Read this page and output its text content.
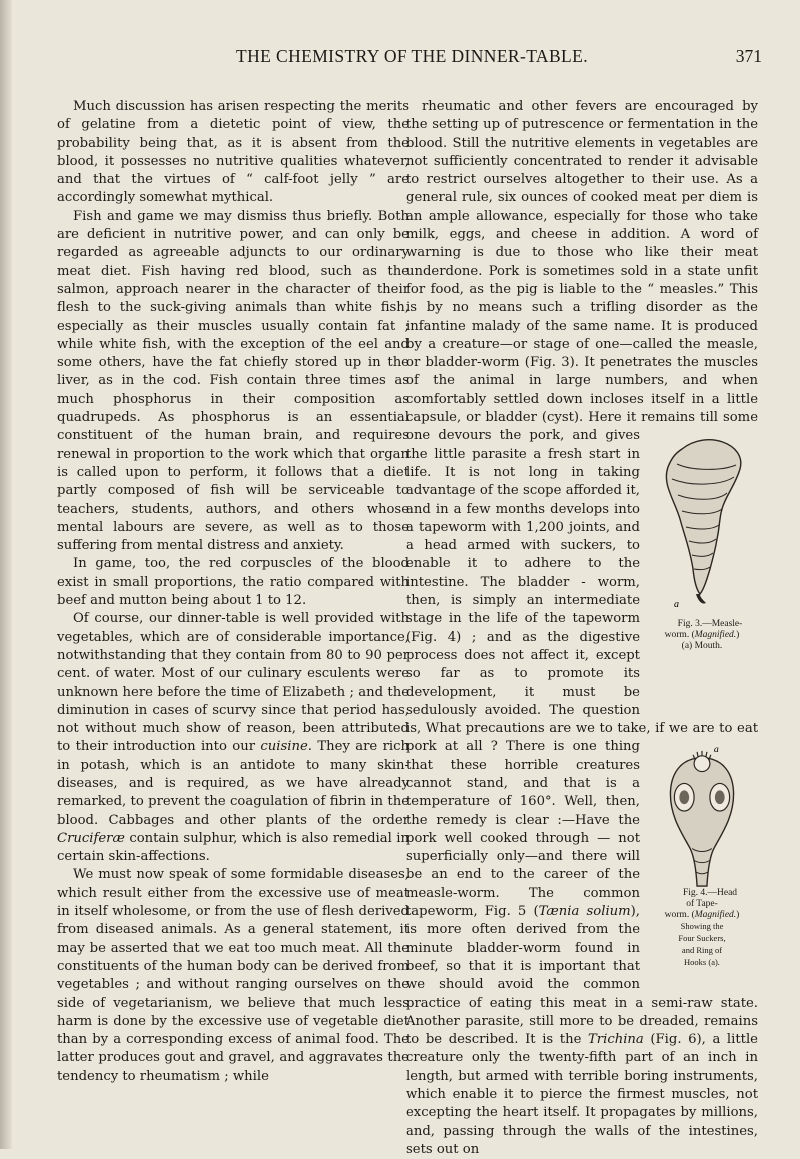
THE CHEMISTRY OF THE DINNER-TABLE.	371

Much discussion has arisen respecting the merits of gelatine from a dietetic point of view, the probability being that, as it is absent from the blood, it possesses no nutritive qualities whatever, and that the virtues of “ calf-foot jelly ” are accordingly somewhat mythical.

Fish and game we may dismiss thus briefly. Both are deficient in nutritive power, and can only be regarded as agreeable adjuncts to our ordinary meat diet. Fish having red blood, such as the salmon, approach nearer in the character of their flesh to the suck-giving animals than white fish, especially as their muscles usually contain fat ; while white fish, with the exception of the eel and some others, have the fat chiefly stored up in the liver, as in the cod. Fish contain three times as much phosphorus in their composition as quadrupeds. As phosphorus is an essential constituent of the human brain, and requires renewal in proportion to the work which that organ is called upon to perform, it follows that a diet partly composed of fish will be serviceable to teachers, students, authors, and others whose mental labours are severe, as well as to those suffering from mental distress and anxiety.

In game, too, the red corpuscles of the blood exist in small proportions, the ratio compared with beef and mutton being about 1 to 12.

Of course, our dinner-table is well provided with vegetables, which are of considerable importance, notwithstanding that they contain from 80 to 90 per cent. of water. Most of our culinary esculents were unknown here before the time of Elizabeth ; and the diminution in cases of scurvy since that period has, not without much show of reason, been attributed to their introduction into our cuisine. They are rich in potash, which is an antidote to many skin-diseases, and is required, as we have already remarked, to prevent the coagulation of fibrin in the blood. Cabbages and other plants of the order Cruciferæ contain sulphur, which is also remedial in certain skin-affections.

We must now speak of some formidable diseases, which result either from the excessive use of meat in itself wholesome, or from the use of flesh derived from diseased animals. As a general statement, it may be asserted that we eat too much meat. All the constituents of the human body can be derived from vegetables ; and without ranging ourselves on the side of vegetarianism, we believe that much less harm is done by the excessive use of vegetable diet than by a corresponding excess of animal food. The latter produces gout and gravel, and aggravates the tendency to rheumatism ; while

rheumatic and other fevers are encouraged by the setting up of putrescence or fermentation in the blood. Still the nutritive elements in vegetables are not sufficiently concentrated to render it advisable to restrict ourselves altogether to their use. As a general rule, six ounces of cooked meat per diem is an ample allowance, especially for those who take milk, eggs, and cheese in addition. A word of warning is due to those who like their meat underdone. Pork is sometimes sold in a state unfit for food, as the pig is liable to the “ measles.” This is by no means such a trifling disorder as the infantine malady of the same name. It is produced by a creature—or stage of one—called the measle, or bladder-worm (Fig. 3). It penetrates the muscles of the animal in large numbers, and when comfortably settled down incloses itself in a little capsule, or bladder (cyst). Here it remains
a
Fig. 3.—Measle-
worm. (Magnified.)
(a) Mouth.
till some one devours the pork, and gives the little parasite a fresh start in life. It is not long in taking advantage of the scope afforded it, and in a few months develops into a tapeworm with 1,200 joints, and a head armed with suckers, to enable it to adhere to the intestine. The bladder - worm, then, is simply an intermediate stage in the life of the tapeworm (Fig. 4) ; and as the digestive process does not affect it, except so far as to promote its development, it must be sedulously avoided. The question is, What precautions are we to take, if we
a
Fig. 4.—Head
of Tape-
worm. (Magnified.)
Showing the
Four Suckers,
and Ring of
Hooks (a).
are to eat pork at all ? There is one thing that these horrible creatures cannot stand, and that is a temperature of 160°. Well, then, the remedy is clear :—Have the pork well cooked through — not superficially only—and there will be an end to the career of the measle-worm. The common tapeworm, Fig. 5 (Tænia solium), is more often derived from the minute bladder-worm found in beef, so that it is important that we should avoid the common practice of eating this meat in a semi-raw state. Another parasite, still more to be dreaded, remains to be described. It is the Trichina (Fig. 6), a little creature only the twenty-fifth part of an inch in length, but armed with terrible boring instruments, which enable it to pierce the firmest muscles, not excepting the heart itself. It propagates by millions, and, passing through the walls of the intestines, sets out on
